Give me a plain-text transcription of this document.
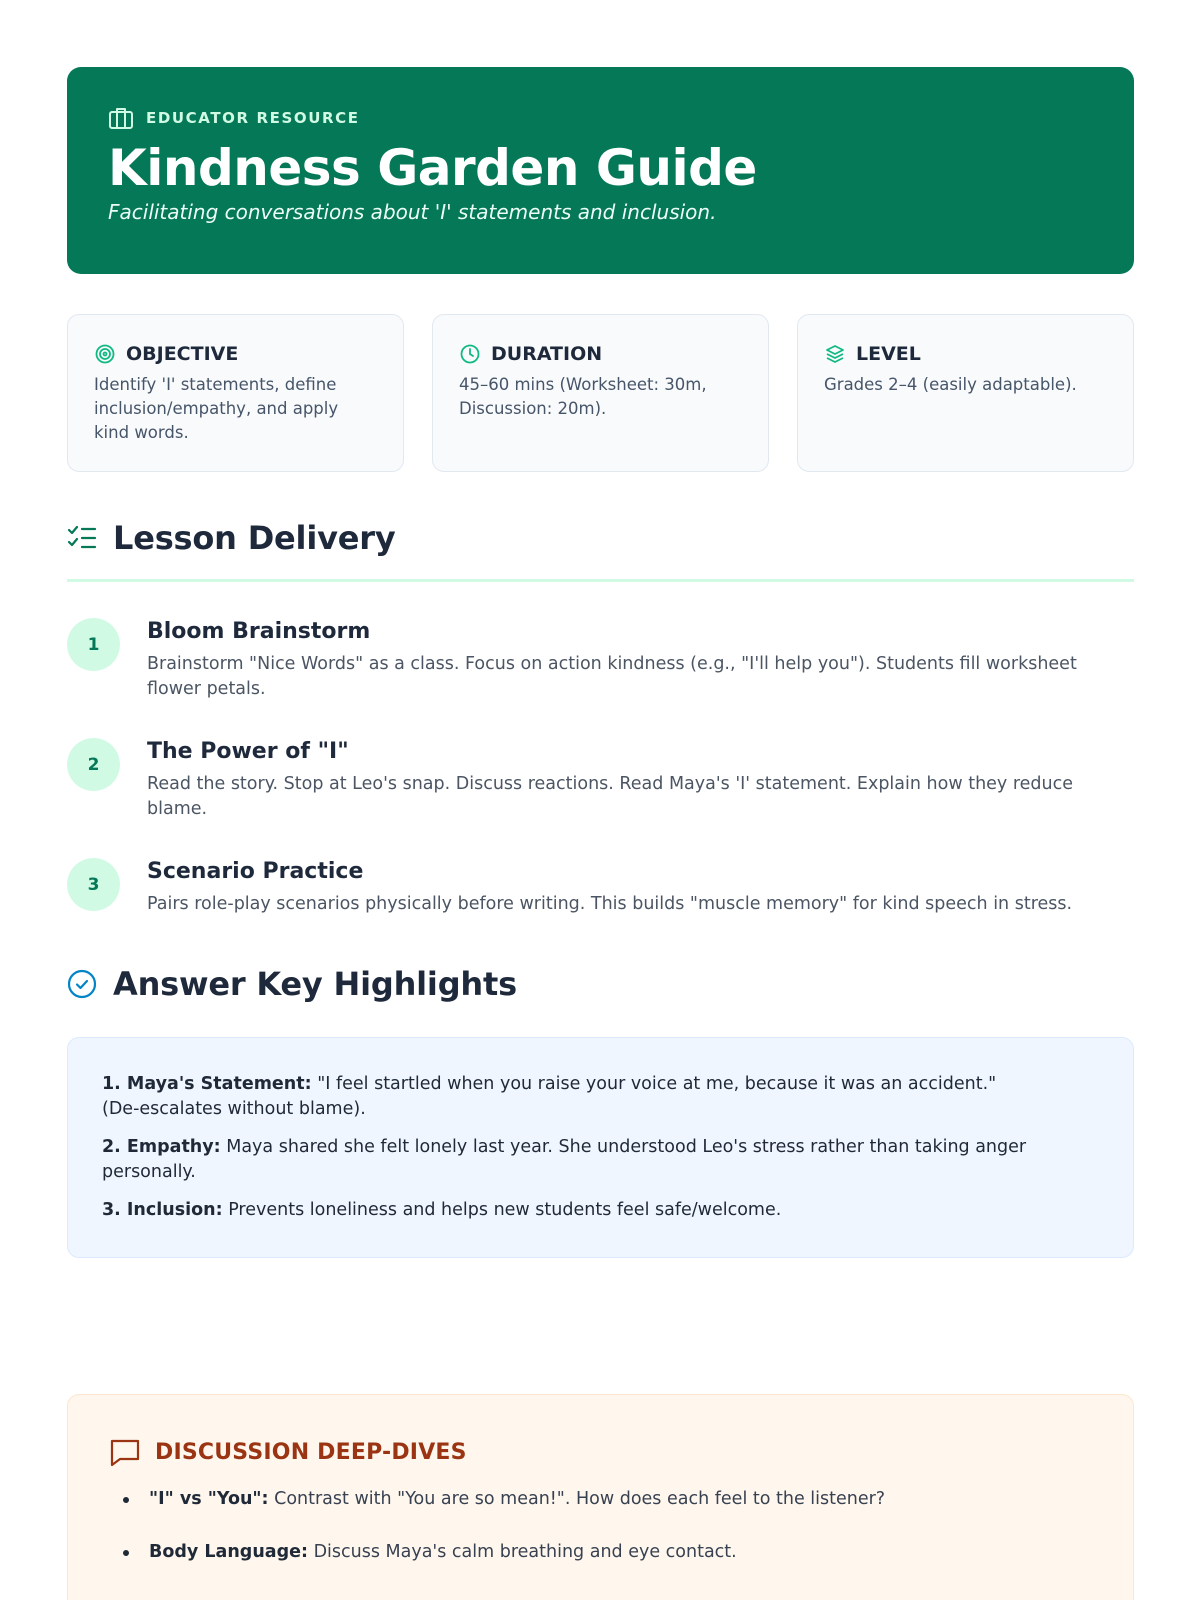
EDUCATOR RESOURCE
Kindness Garden Guide

Facilitating conversations about 'I' statements and inclusion.

OBJECTIVE

Identify 'I' statements, define inclusion/empathy, and apply kind words.

DURATION

45–60 mins (Worksheet: 30m, Discussion: 20m).

LEVEL

Grades 2–4 (easily adaptable).

Lesson Delivery
1
Bloom Brainstorm

Brainstorm "Nice Words" as a class. Focus on action kindness (e.g., "I'll help you"). Students fill worksheet flower petals.

2
The Power of "I"

Read the story. Stop at Leo's snap. Discuss reactions. Read Maya's 'I' statement. Explain how they reduce blame.

3
Scenario Practice

Pairs role-play scenarios physically before writing. This builds "muscle memory" for kind speech in stress.

Answer Key Highlights

1. Maya's Statement: "I feel startled when you raise your voice at me, because it was an accident." (De-escalates without blame).

2. Empathy: Maya shared she felt lonely last year. She understood Leo's stress rather than taking anger personally.

3. Inclusion: Prevents loneliness and helps new students feel safe/welcome.

DISCUSSION DEEP-DIVES
"I" vs "You": Contrast with "You are so mean!". How does each feel to the listener?
Body Language: Discuss Maya's calm breathing and eye contact.
